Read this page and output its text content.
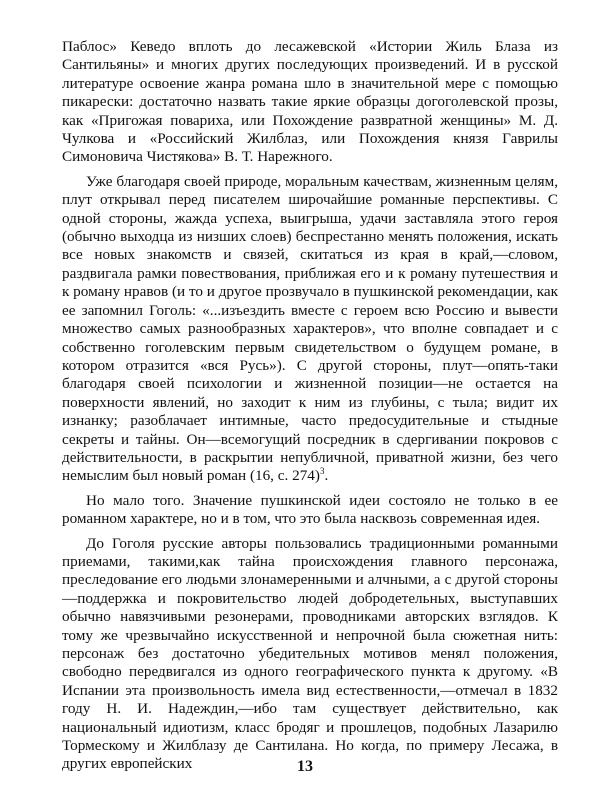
Паблос» Кеведо вплоть до лесажевской «Истории Жиль Блаза из Сантильяны» и многих других последующих произведений. И в русской литературе освоение жанра романа шло в значительной мере с помощью пикарески: достаточно назвать такие яркие образцы догоголевской прозы, как «Пригожая повариха, или Похождение развратной женщины» М. Д. Чулкова и «Российский Жилблаз, или Похождения князя Гаврилы Симоновича Чистякова» В. Т. Нарежного.

Уже благодаря своей природе, моральным качествам, жизненным целям, плут открывал перед писателем широчайшие романные перспективы. С одной стороны, жажда успеха, выигрыша, удачи заставляла этого героя (обычно выходца из низших слоев) беспрестанно менять положения, искать все новых знакомств и связей, скитаться из края в край,—словом, раздвигала рамки повествования, приближая его и к роману путешествия и к роману нравов (и то и другое прозвучало в пушкинской рекомендации, как ее запомнил Гоголь: «...изъездить вместе с героем всю Россию и вывести множество самых разнообразных характеров», что вполне совпадает и с собственно гоголевским первым свидетельством о будущем романе, в котором отразится «вся Русь»). С другой стороны, плут—опять-таки благодаря своей психологии и жизненной позиции—не остается на поверхности явлений, но заходит к ним из глубины, с тыла; видит их изнанку; разоблачает интимные, часто предосудительные и стыдные секреты и тайны. Он—всемогущий посредник в сдергивании покровов с действительности, в раскрытии непубличной, приватной жизни, без чего немыслим был новый роман (16, с. 274)$^3$.

Но мало того. Значение пушкинской идеи состояло не только в ее романном характере, но и в том, что это была насквозь современная идея.

До Гоголя русские авторы пользовались традиционными романными приемами, такими,как тайна происхождения главного персонажа, преследование его людьми злонамеренными и алчными, а с другой стороны—поддержка и покровительство людей добродетельных, выступавших обычно навязчивыми резонерами, проводниками авторских взглядов. К тому же чрезвычайно искусственной и непрочной была сюжетная нить: персонаж без достаточно убедительных мотивов менял положения, свободно передвигался из одного географического пункта к другому. «В Испании эта произвольность имела вид естественности,—отмечал в 1832 году Н. И. Надеждин,—ибо там существует действительно, как национальный идиотизм, класс бродяг и прошлецов, подобных Лазарилю Тормескому и Жилблазу де Сантилана. Но когда, по примеру Лесажа, в других европейских	13
